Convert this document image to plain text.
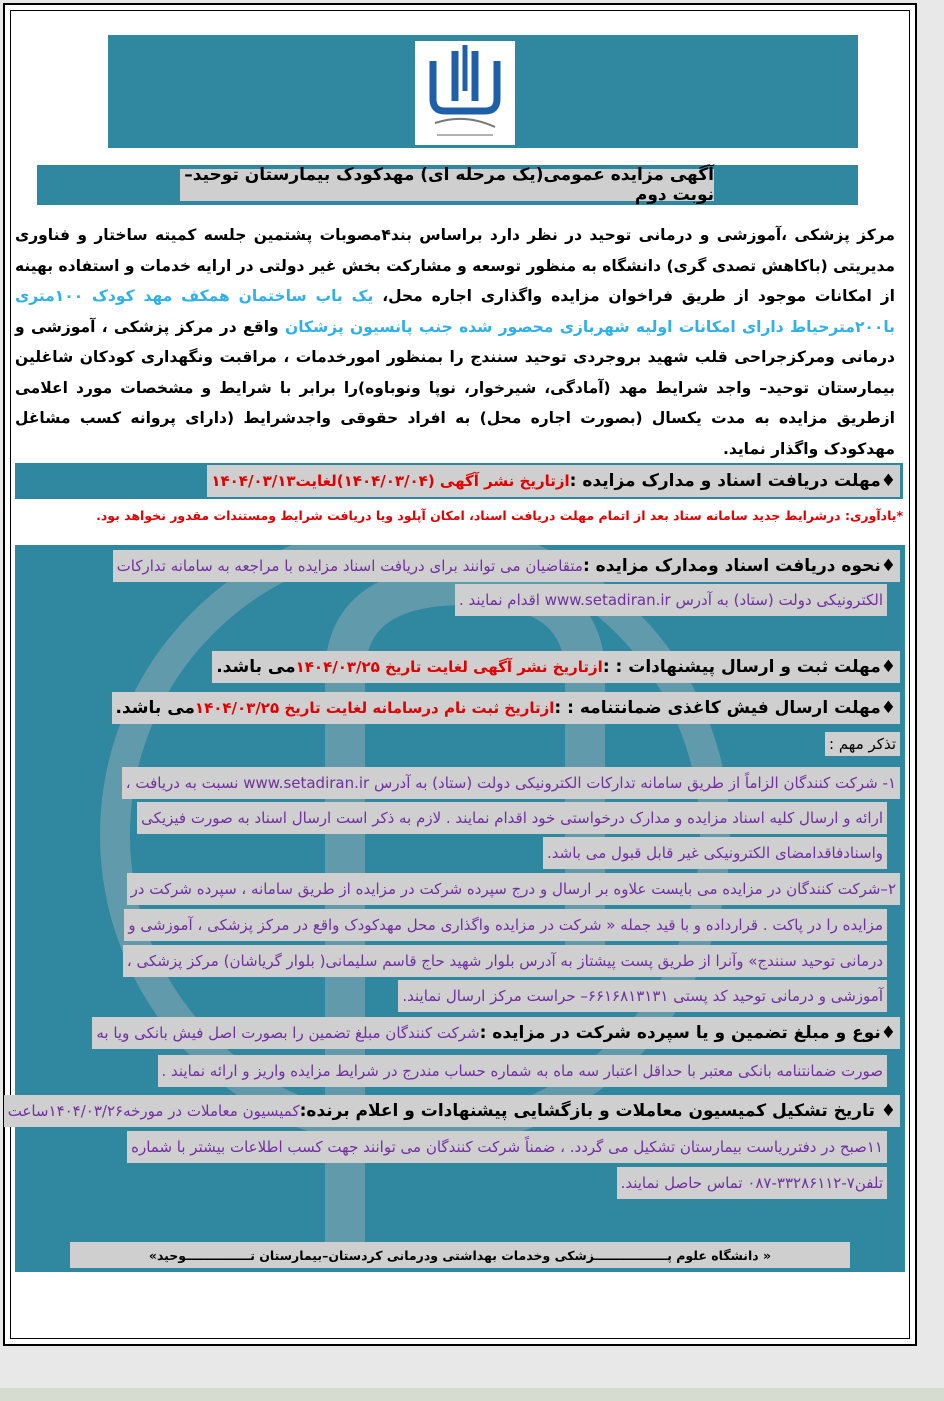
آگهی مزایده عمومی(یک مرحله ای) مهدکودک بیمارستان توحید–نوبت دوم
مرکز پزشکی ،آموزشی و درمانی توحید در نظر دارد براساس بند۴مصوبات پشتمین جلسه کمیته ساختار و فناوری مدیریتی (باکاهش تصدی گری) دانشگاه به منظور توسعه و مشارکت بخش غیر دولتی در ارایه خدمات و استفاده بهینه از امکانات موجود از طریق فراخوان مزایده واگذاری اجاره محل، یک باب ساختمان همکف مهد کودک ۱۰۰متری با۲۰۰مترحیاط دارای امکانات اولیه شهربازی محصور شده جنب پانسیون پزشکان واقع در مرکز پزشکی ، آموزشی و درمانی ومرکزجراحی قلب شهید بروجردی توحید سنندج را بمنظور امورخدمات ، مراقبت ونگهداری کودکان شاغلین بیمارستان توحید– واجد شرایط مهد (آمادگی، شیرخوار، نوپا ونوباوه)را برابر با شرایط و مشخصات مورد اعلامی ازطریق مزایده به مدت یکسال (بصورت اجاره محل) به افراد حقوقی واجدشرایط (دارای پروانه کسب مشاغل مهدکودک واگذار نماید.
♦مهلت دریافت اسناد و مدارک مزایده :
ازتاریخ نشر آگهی (۱۴۰۴/۰۳/۰۴)لغایت۱۴۰۴/۰۳/۱۳
*یادآوری: درشرایط جدید سامانه ستاد بعد از اتمام مهلت دریافت اسناد، امکان آپلود ویا دریافت شرایط ومستندات مقدور نخواهد بود.
♦نحوه دریافت اسناد ومدارک مزایده :
متقاضیان می توانند برای دریافت اسناد مزایده با مراجعه به سامانه تدارکات
الکترونیکی دولت (ستاد) به آدرس www.setadiran.ir اقدام نمایند .
♦مهلت ثبت و ارسال پیشنهادات : :
ازتاریخ نشر آگهی لغایت تاریخ ۱۴۰۴/۰۳/۲۵
می باشد.
♦مهلت ارسال فیش کاغذی ضمانتنامه : :
ازتاریخ ثبت نام درسامانه لغایت تاریخ ۱۴۰۴/۰۳/۲۵
می باشد.
تذکر مهم :
۱- شرکت کنندگان الزاماً از طریق سامانه تدارکات الکترونیکی دولت (ستاد) به آدرس www.setadiran.ir نسبت به دریافت ،
ارائه و ارسال کلیه اسناد مزایده و مدارک درخواستی خود اقدام نمایند . لازم به ذکر است ارسال اسناد به صورت فیزیکی
واسنادفاقدامضای الکترونیکی غیر قابل قبول می باشد.
۲–شرکت کنندگان در مزایده می بایست علاوه بر ارسال و درج سپرده شرکت در مزایده از طریق سامانه ، سپرده شرکت در
مزایده را در پاکت . قرارداده و با قید جمله « شرکت در مزایده واگذاری محل مهدکودک واقع در مرکز پزشکی ، آموزشی و
درمانی توحید سنندج» وآنرا از طریق پست پیشتاز به آدرس بلوار شهید حاج قاسم سلیمانی( بلوار گریاشان) مرکز پزشکی ،
آموزشی و درمانی توحید کد پستی ۶۶۱۶۸۱۳۱۳۱– حراست مرکز ارسال نمایند.
♦نوع و مبلغ تضمین و یا سپرده شرکت در مزایده :
شرکت کنندگان مبلغ تضمین را بصورت اصل فیش بانکی ویا به
صورت ضمانتنامه بانکی معتبر با حداقل اعتبار سه ماه به شماره حساب مندرج در شرایط مزایده واریز و ارائه نمایند .
♦ تاریخ تشکیل کمیسیون معاملات و بازگشایی پیشنهادات و اعلام برنده:
کمیسیون معاملات در مورخه۱۴۰۴/۰۳/۲۶ساعت
۱۱صبح در دفترریاست بیمارستان تشکیل می گردد. ، ضمناً شرکت کنندگان می توانند جهت کسب اطلاعات بیشتر با شماره
تلفن۷-۳۳۲۸۶۱۱۲-۰۸۷ تماس حاصل نمایند.
« دانشگاه علوم پـــــــــــــــــزشکی وخدمات بهداشتی ودرمانی کردستان–بیمارستان تـــــــــــــــوحید»
